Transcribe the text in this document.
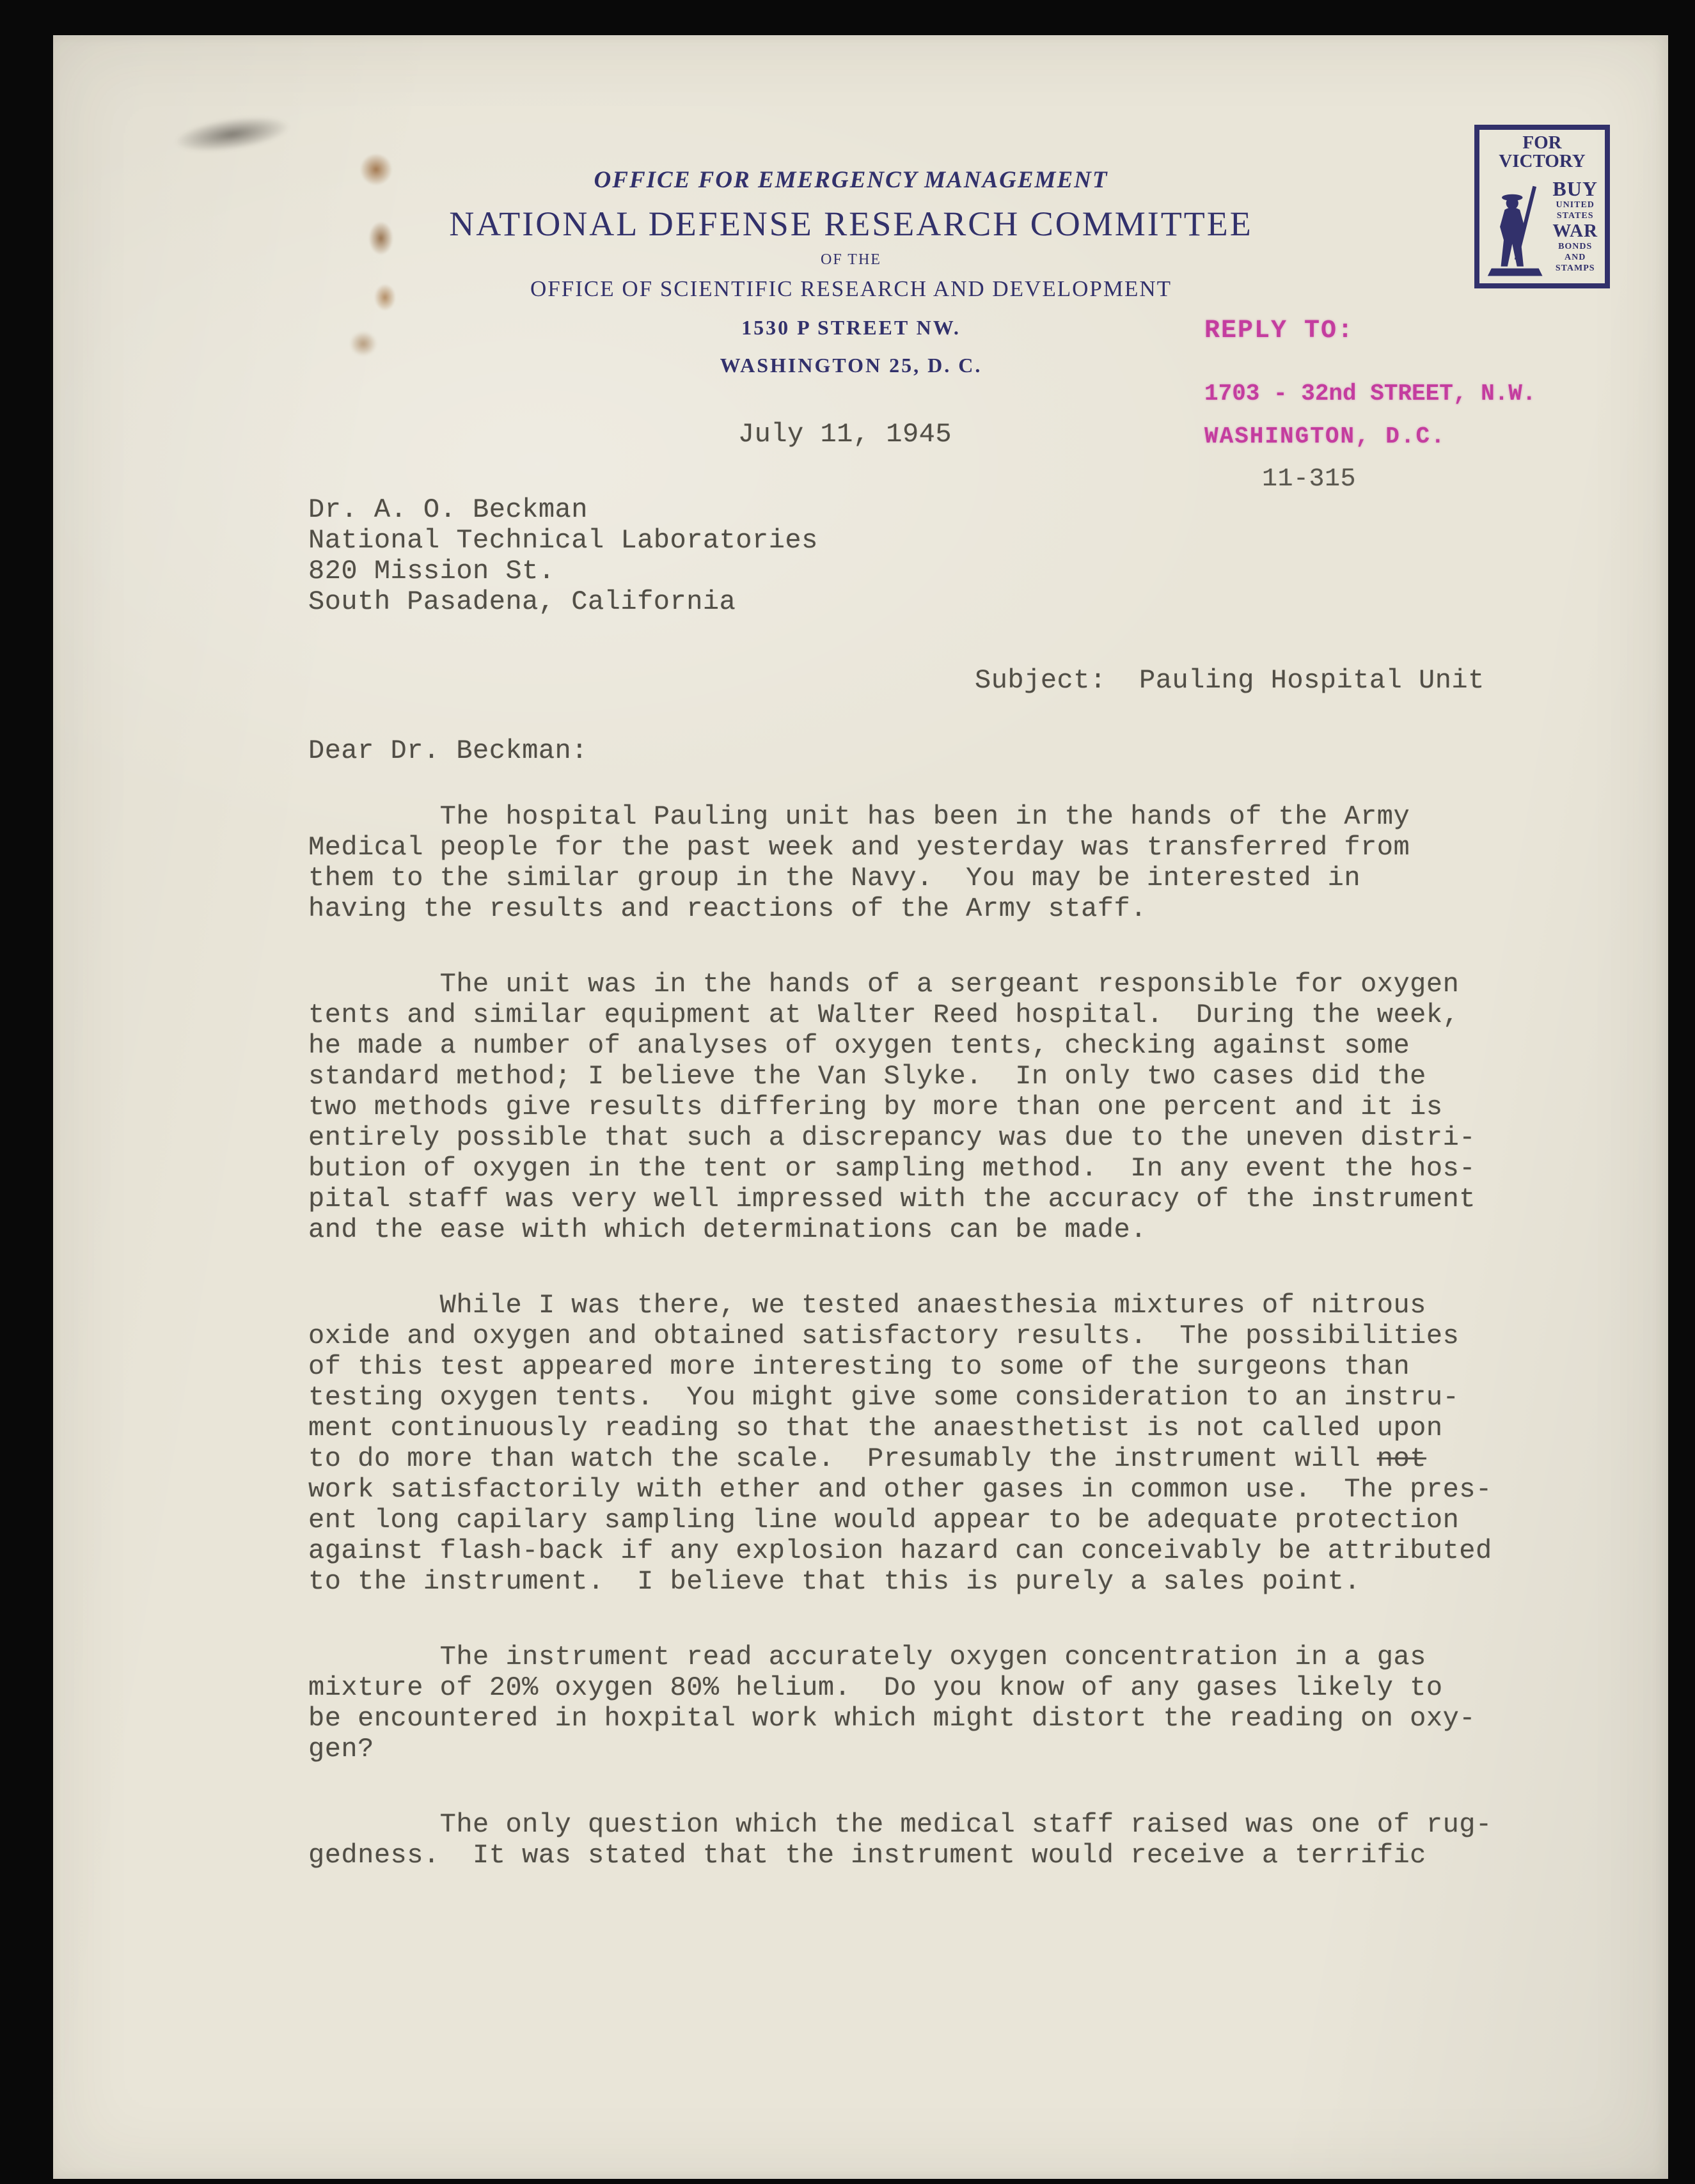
OFFICE FOR EMERGENCY MANAGEMENT
NATIONAL DEFENSE RESEARCH COMMITTEE
OF THE
OFFICE OF SCIENTIFIC RESEARCH AND DEVELOPMENT
1530 P STREET NW.
WASHINGTON 25, D. C.
FOR VICTORY
BUY
UNITED
STATES
WAR
BONDS
AND
STAMPS
REPLY TO:
1703 - 32nd STREET, N.W.
WASHINGTON, D.C.
11-315
July 11, 1945
Dr. A. O. Beckman
National Technical Laboratories
820 Mission St.
South Pasadena, California
Subject:  Pauling Hospital Unit
Dear Dr. Beckman:
The hospital Pauling unit has been in the hands of the Army
Medical people for the past week and yesterday was transferred from
them to the similar group in the Navy.  You may be interested in
having the results and reactions of the Army staff.
The unit was in the hands of a sergeant responsible for oxygen
tents and similar equipment at Walter Reed hospital.  During the week,
he made a number of analyses of oxygen tents, checking against some
standard method; I believe the Van Slyke.  In only two cases did the
two methods give results differing by more than one percent and it is
entirely possible that such a discrepancy was due to the uneven distri-
bution of oxygen in the tent or sampling method.  In any event the hos-
pital staff was very well impressed with the accuracy of the instrument
and the ease with which determinations can be made.
While I was there, we tested anaesthesia mixtures of nitrous
oxide and oxygen and obtained satisfactory results.  The possibilities
of this test appeared more interesting to some of the surgeons than
testing oxygen tents.  You might give some consideration to an instru-
ment continuously reading so that the anaesthetist is not called upon
to do more than watch the scale.  Presumably the instrument will not
work satisfactorily with ether and other gases in common use.  The pres-
ent long capilary sampling line would appear to be adequate protection
against flash-back if any explosion hazard can conceivably be attributed
to the instrument.  I believe that this is purely a sales point.
The instrument read accurately oxygen concentration in a gas
mixture of 20% oxygen 80% helium.  Do you know of any gases likely to
be encountered in hoxpital work which might distort the reading on oxy-
gen?
The only question which the medical staff raised was one of rug-
gedness.  It was stated that the instrument would receive a terrific
